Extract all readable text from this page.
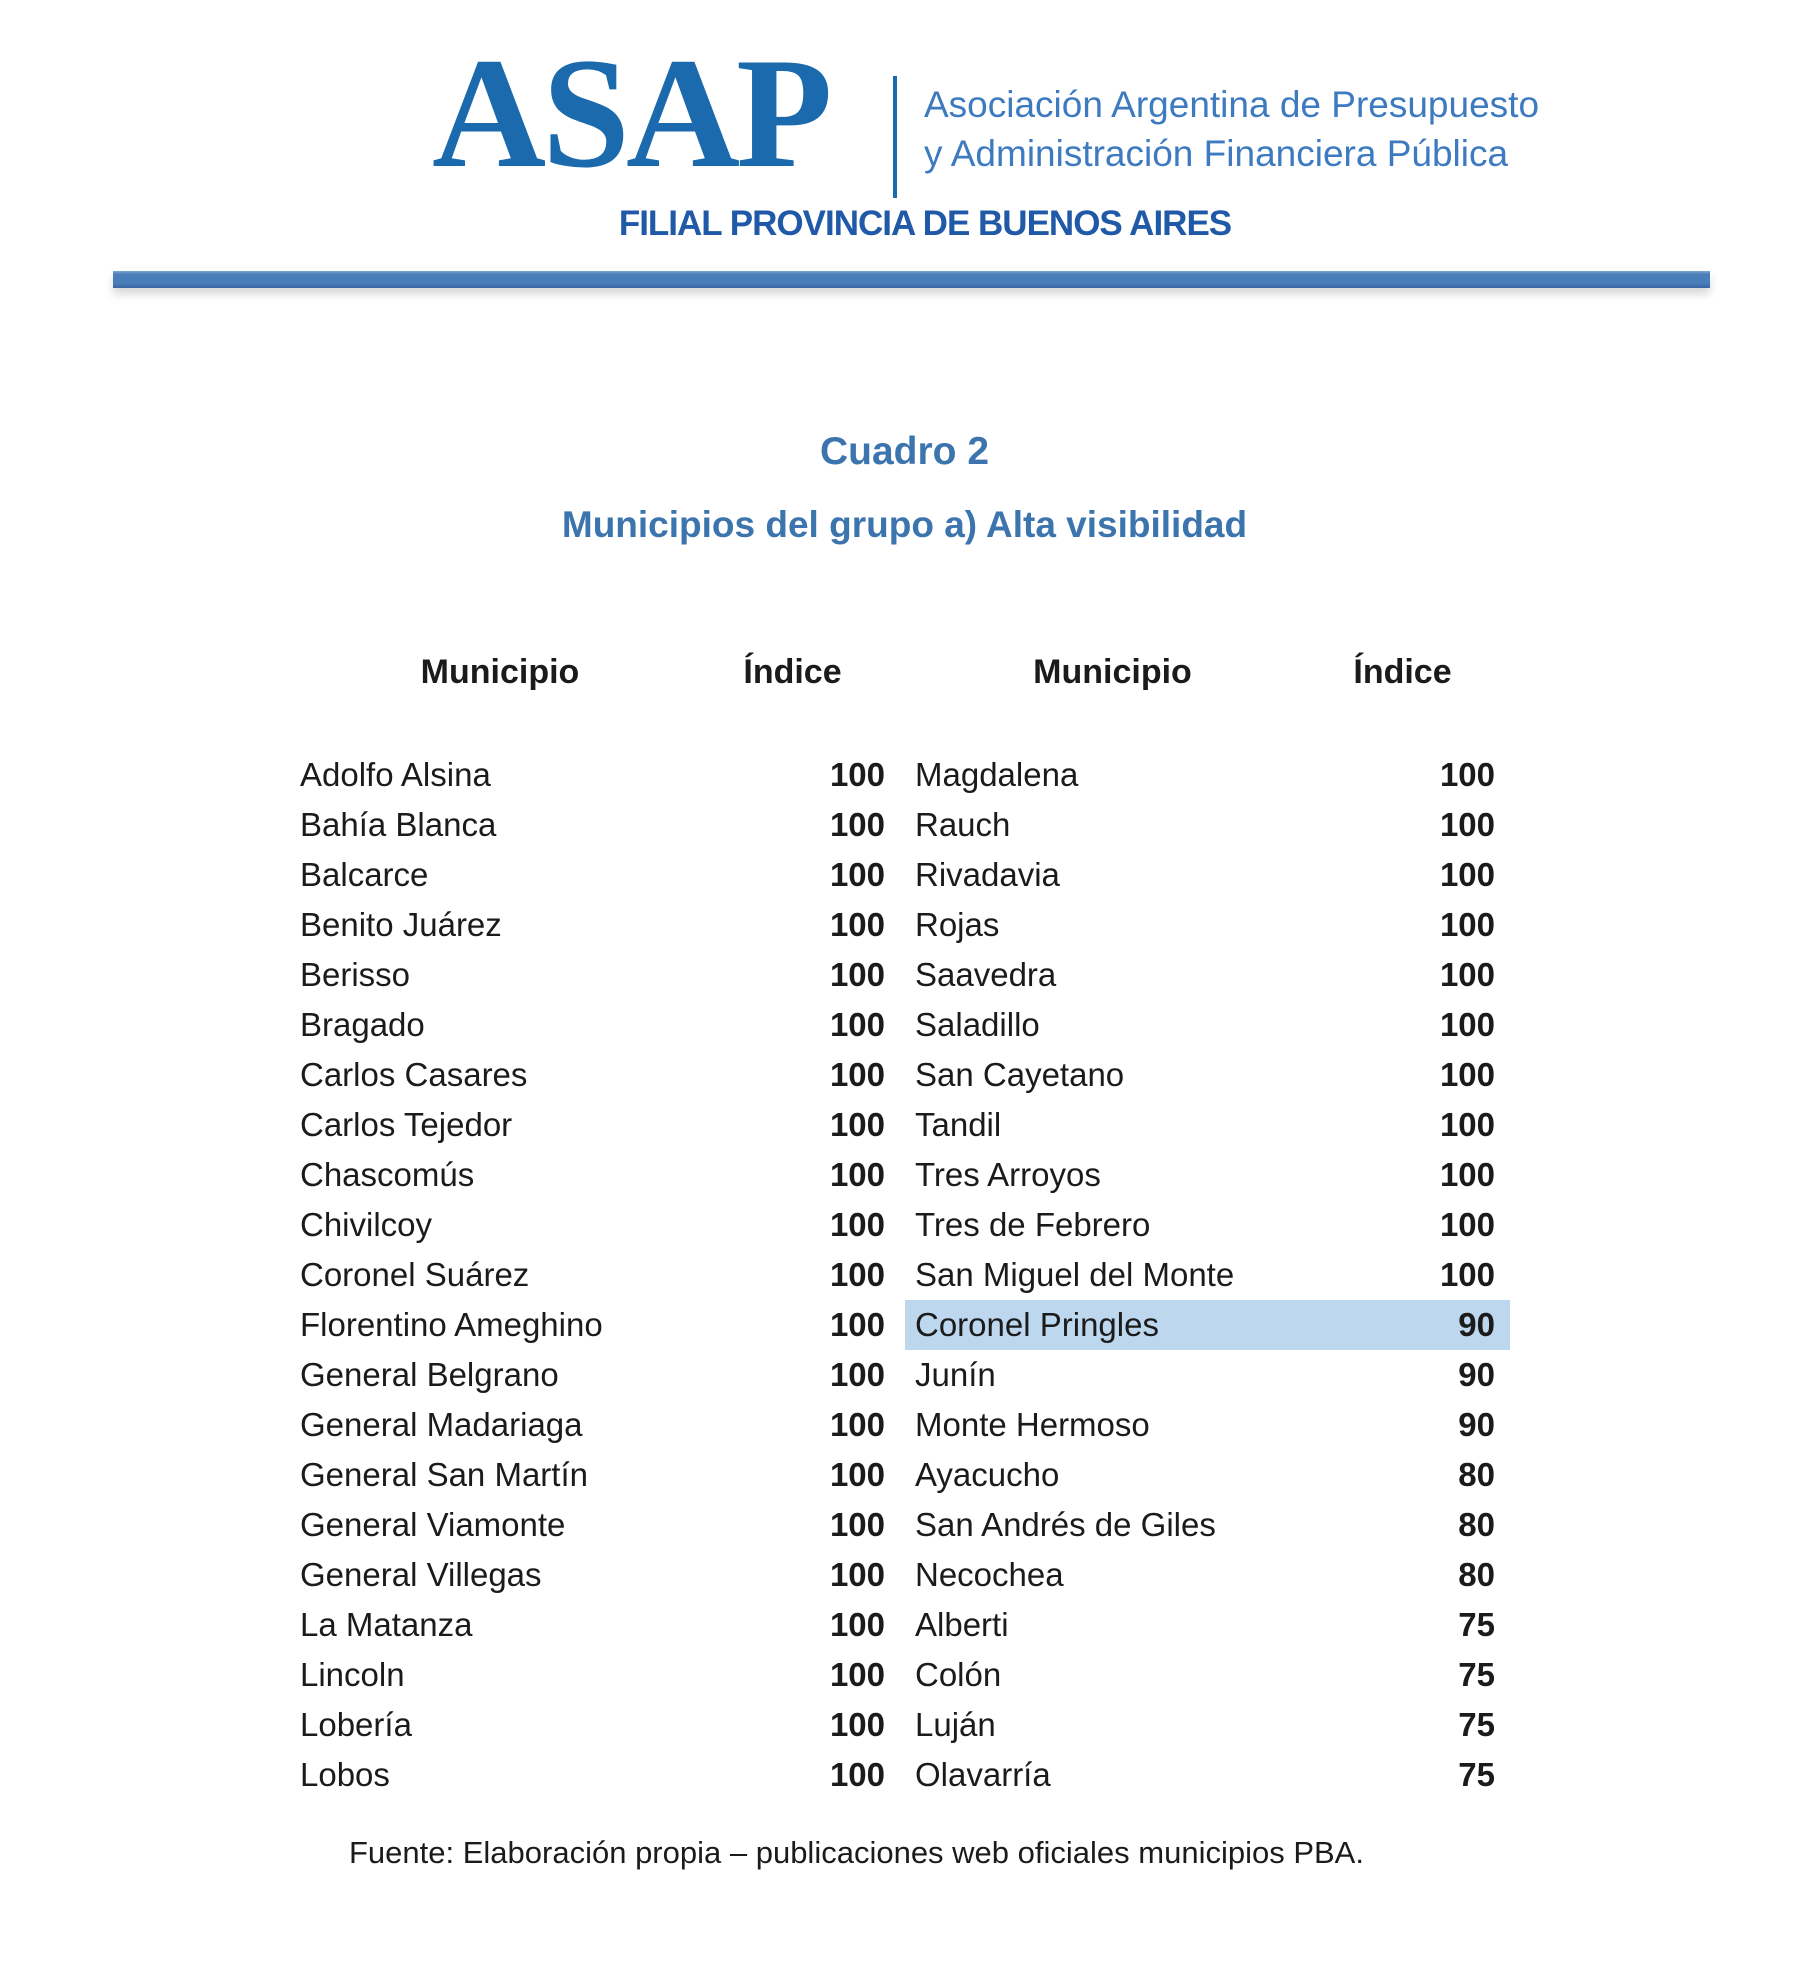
ASAP	Asociación Argentina de Presupuesto
y Administración Financiera Pública
FILIAL PROVINCIA DE BUENOS AIRES
Cuadro 2
Municipios del grupo a) Alta visibilidad
Municipio	Índice	Municipio	Índice
Adolfo Alsina	100 Magdalena	100
Bahía Blanca	100 Rauch	100
Balcarce	100 Rivadavia	100
Benito Juárez	100 Rojas	100
Berisso	100 Saavedra	100
Bragado	100 Saladillo	100
Carlos Casares	100 San Cayetano	100
Carlos Tejedor	100 Tandil	100
Chascomús	100 Tres Arroyos	100
Chivilcoy	100 Tres de Febrero	100
Coronel Suárez	100 San Miguel del Monte	100
Florentino Ameghino	100 Coronel Pringles	90
General Belgrano	100 Junín	90
General Madariaga	100 Monte Hermoso	90
General San Martín	100 Ayacucho	80
General Viamonte	100 San Andrés de Giles	80
General Villegas	100 Necochea	80
La Matanza	100 Alberti	75
Lincoln	100 Colón	75
Lobería	100 Luján	75
Lobos	100 Olavarría	75
Fuente: Elaboración propia – publicaciones web oficiales municipios PBA.
